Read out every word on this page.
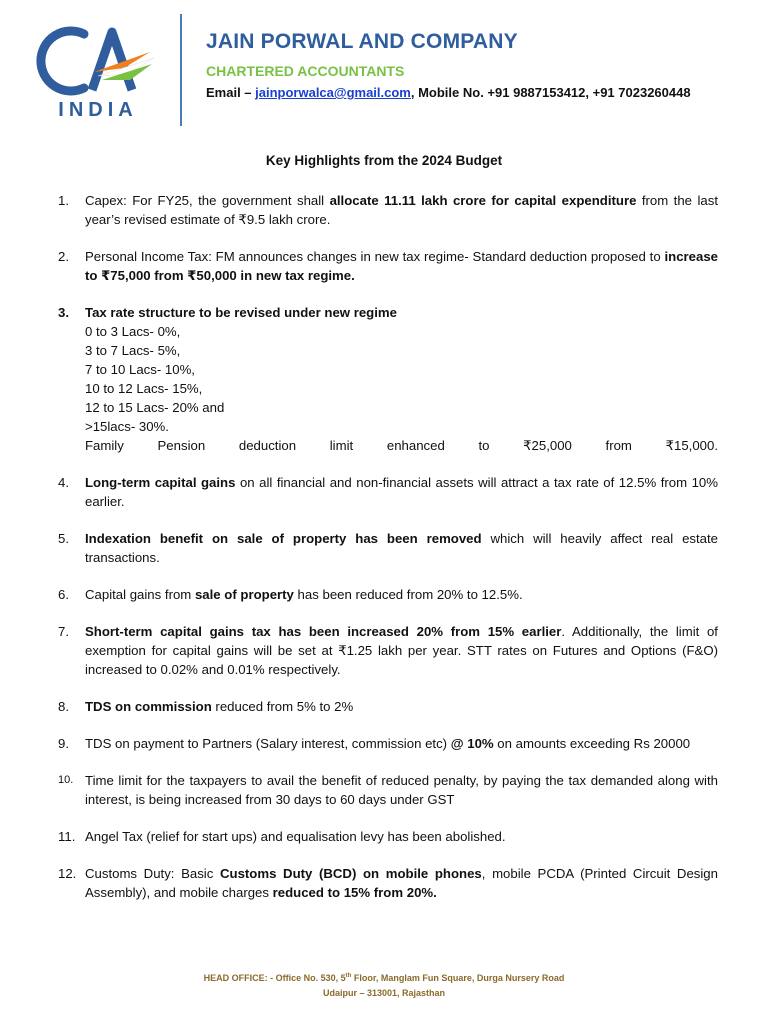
INDIA
JAIN PORWAL AND COMPANY
CHARTERED ACCOUNTANTS
Email – jainporwalca@gmail.com, Mobile No. +91 9887153412, +91 7023260448
Key Highlights from the 2024 Budget
1. Capex: For FY25, the government shall allocate 11.11 lakh crore for capital expenditure from the last year’s revised estimate of ₹9.5 lakh crore.
2. Personal Income Tax: FM announces changes in new tax regime- Standard deduction proposed to increase to ₹75,000 from ₹50,000 in new tax regime.
3. Tax rate structure to be revised under new regime
0 to 3 Lacs- 0%,
3 to 7 Lacs- 5%,
7 to 10 Lacs- 10%,
10 to 12 Lacs- 15%,
12 to 15 Lacs- 20% and
>15lacs- 30%.
Family	Pension	deduction	limit	enhanced	to	₹25,000	from	₹15,000.
4. Long-term capital gains on all financial and non-financial assets will attract a tax rate of 12.5% from 10% earlier.
5. Indexation benefit on sale of property has been removed which will heavily affect real estate transactions.
6. Capital gains from sale of property has been reduced from 20% to 12.5%.
7. Short-term capital gains tax has been increased 20% from 15% earlier. Additionally, the limit of exemption for capital gains will be set at ₹1.25 lakh per year. STT rates on Futures and Options (F&O) increased to 0.02% and 0.01% respectively.
8. TDS on commission reduced from 5% to 2%
9. TDS on payment to Partners (Salary interest, commission etc) @ 10% on amounts exceeding Rs 20000
10. Time limit for the taxpayers to avail the benefit of reduced penalty, by paying the tax demanded along with interest, is being increased from 30 days to 60 days under GST
11. Angel Tax (relief for start ups) and equalisation levy has been abolished.
12. Customs Duty: Basic Customs Duty (BCD) on mobile phones, mobile PCDA (Printed Circuit Design Assembly), and mobile charges reduced to 15% from 20%.
HEAD OFFICE: - Office No. 530, 5th Floor, Manglam Fun Square, Durga Nursery Road
Udaipur – 313001, Rajasthan
